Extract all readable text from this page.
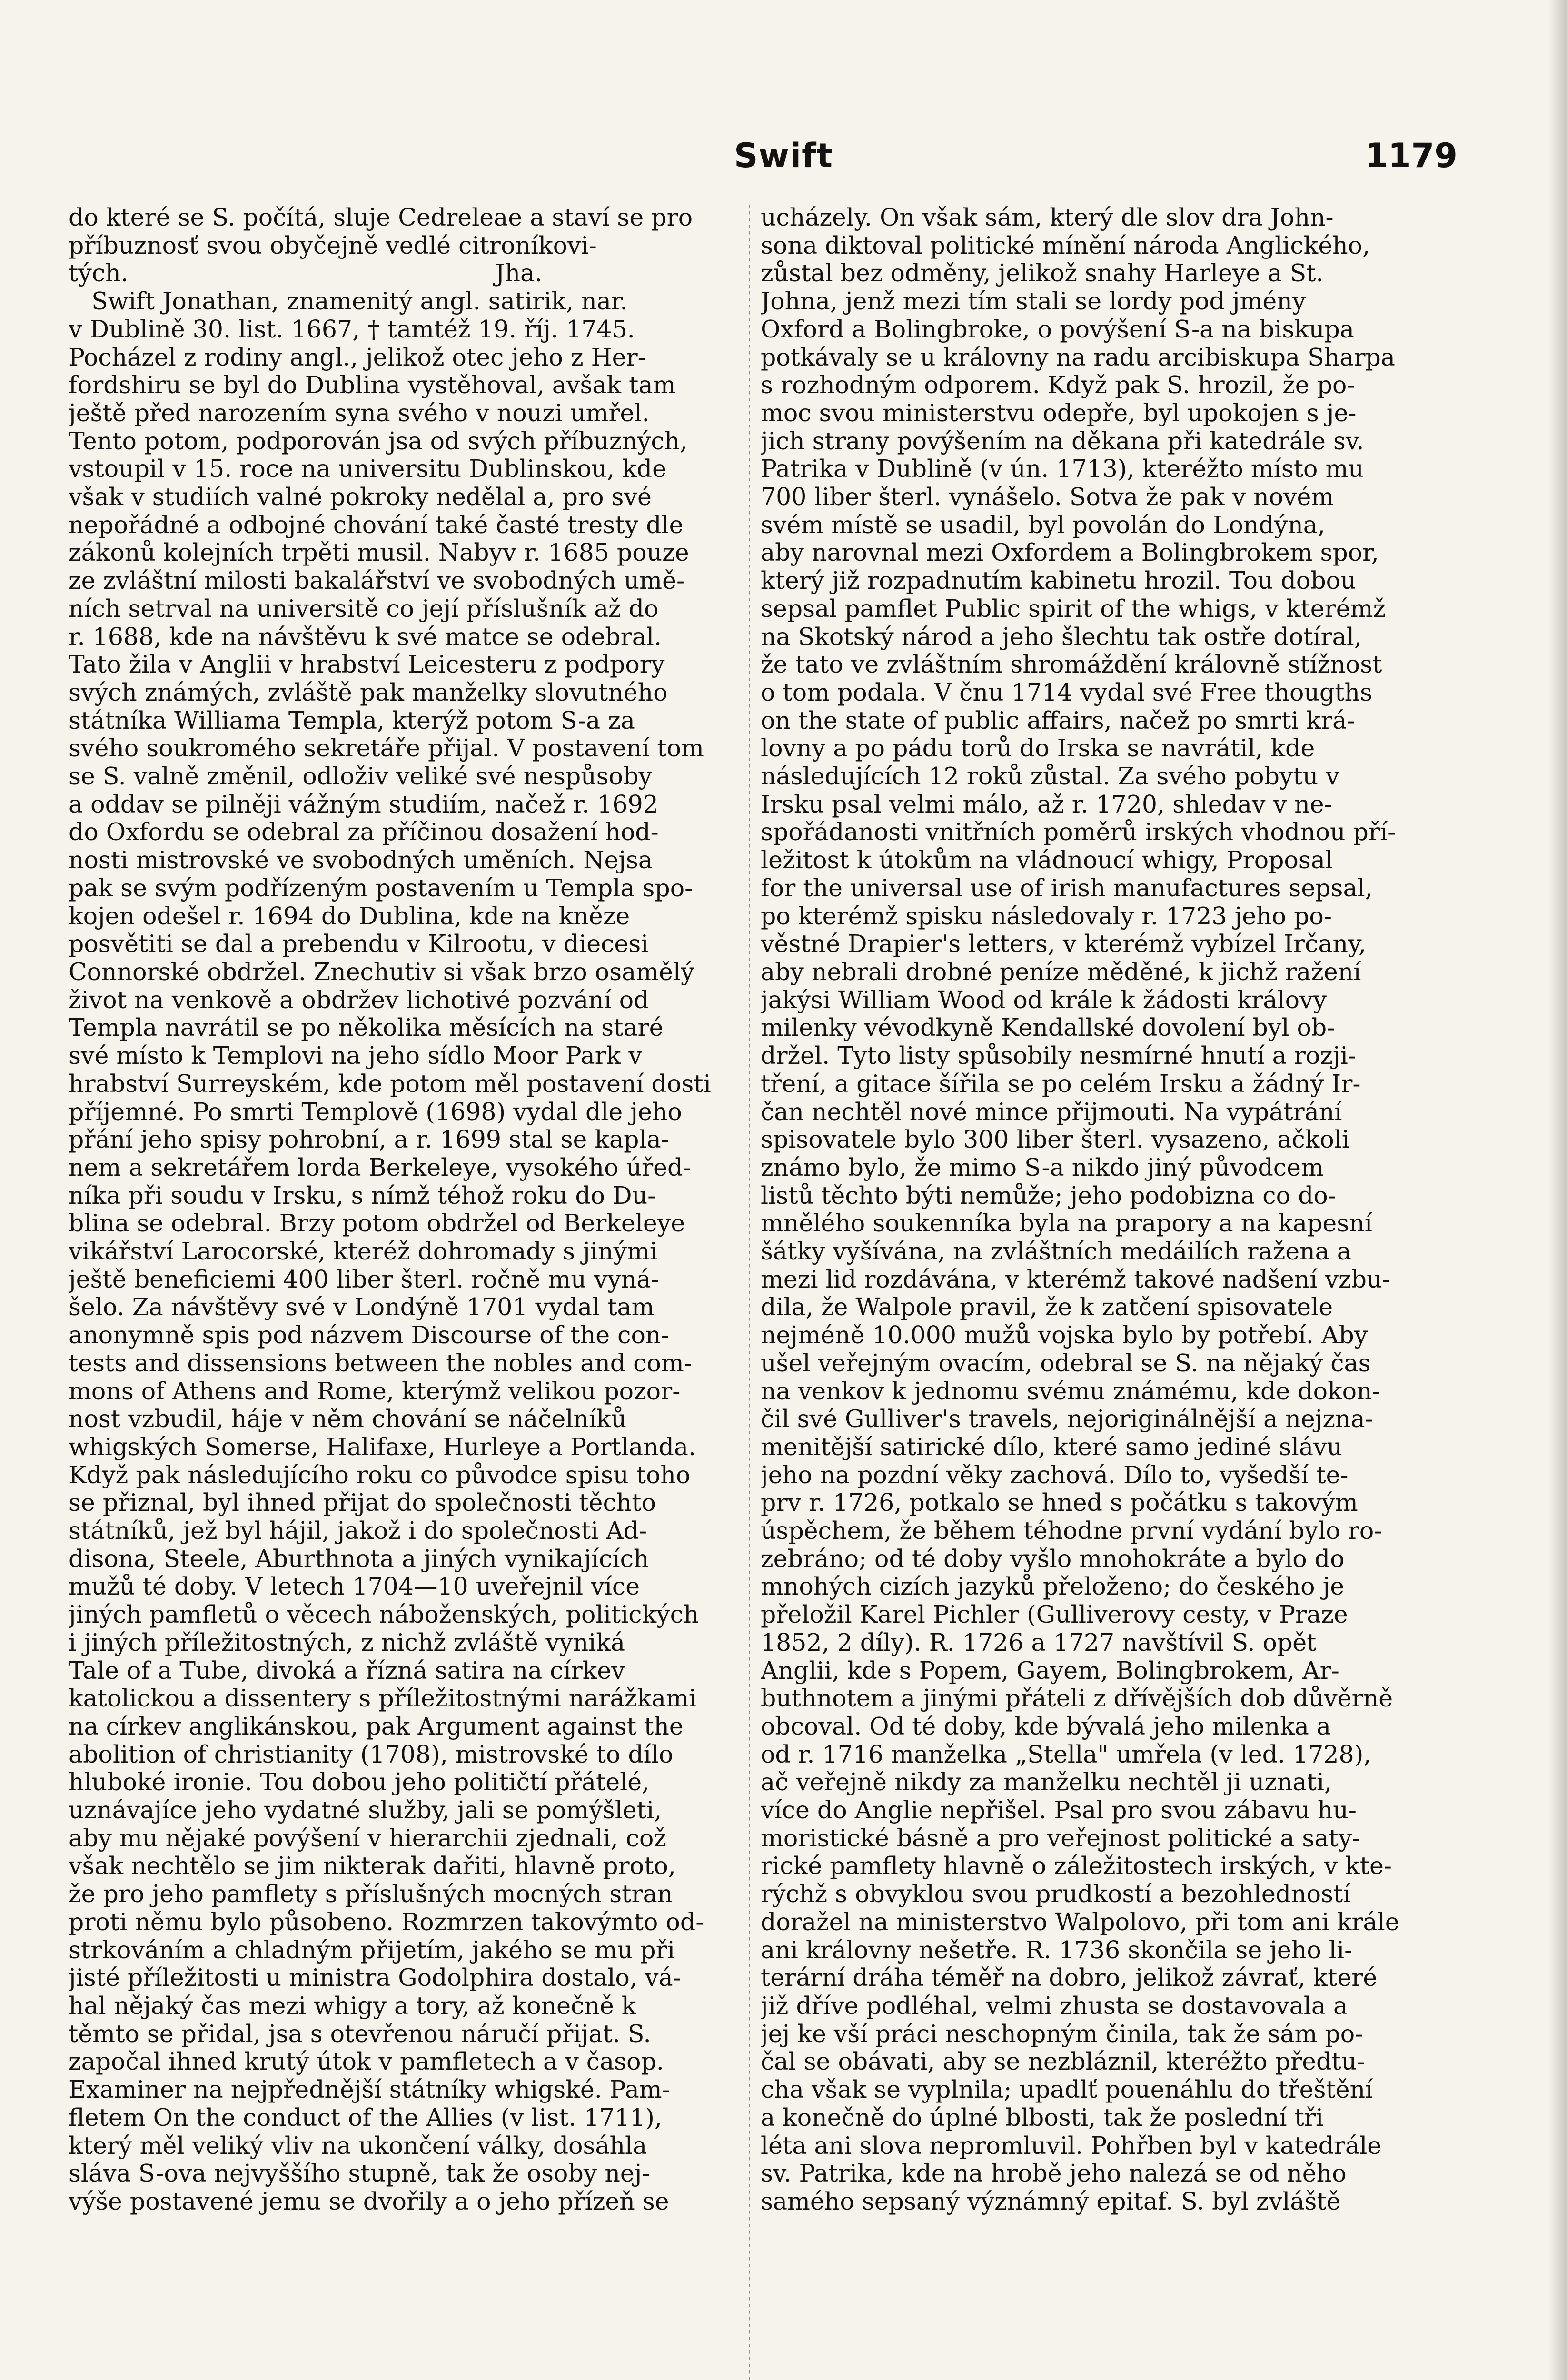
Swift	1179
do které se S. počítá, sluje Cedreleae a staví se pro
příbuznosť svou obyčejně vedlé citroníkovi-
tých.                                                Jha.
Swift Jonathan, znamenitý angl. satirik, nar.
v Dublině 30. list. 1667, † tamtéž 19. říj. 1745.
Pocházel z rodiny angl., jelikož otec jeho z Her-
fordshiru se byl do Dublina vystěhoval, avšak tam
ještě před narozením syna svého v nouzi umřel.
Tento potom, podporován jsa od svých příbuzných,
vstoupil v 15. roce na universitu Dublinskou, kde
však v studiích valné pokroky nedělal a, pro své
nepořádné a odbojné chování také časté tresty dle
zákonů kolejních trpěti musil. Nabyv r. 1685 pouze
ze zvláštní milosti bakalářství ve svobodných umě-
ních setrval na universitě co její příslušník až do
r. 1688, kde na návštěvu k své matce se odebral.
Tato žila v Anglii v hrabství Leicesteru z podpory
svých známých, zvláště pak manželky slovutného
státníka Williama Templa, kterýž potom S-a za
svého soukromého sekretáře přijal. V postavení tom
se S. valně změnil, odloživ veliké své nespůsoby
a oddav se pilněji vážným studiím, načež r. 1692
do Oxfordu se odebral za příčinou dosažení hod-
nosti mistrovské ve svobodných uměních. Nejsa
pak se svým podřízeným postavením u Templa spo-
kojen odešel r. 1694 do Dublina, kde na kněze
posvětiti se dal a prebendu v Kilrootu, v diecesi
Connorské obdržel. Znechutiv si však brzo osamělý
život na venkově a obdržev lichotivé pozvání od
Templa navrátil se po několika měsících na staré
své místo k Templovi na jeho sídlo Moor Park v
hrabství Surreyském, kde potom měl postavení dosti
příjemné. Po smrti Templově (1698) vydal dle jeho
přání jeho spisy pohrobní, a r. 1699 stal se kapla-
nem a sekretářem lorda Berkeleye, vysokého úřed-
níka při soudu v Irsku, s nímž téhož roku do Du-
blina se odebral. Brzy potom obdržel od Berkeleye
vikářství Larocorské, kteréž dohromady s jinými
ještě beneficiemi 400 liber šterl. ročně mu vyná-
šelo. Za návštěvy své v Londýně 1701 vydal tam
anonymně spis pod názvem Discourse of the con-
tests and dissensions between the nobles and com-
mons of Athens and Rome, kterýmž velikou pozor-
nost vzbudil, háje v něm chování se náčelníků
whigských Somerse, Halifaxe, Hurleye a Portlanda.
Když pak následujícího roku co původce spisu toho
se přiznal, byl ihned přijat do společnosti těchto
státníků, jež byl hájil, jakož i do společnosti Ad-
disona, Steele, Aburthnota a jiných vynikajících
mužů té doby. V letech 1704—10 uveřejnil více
jiných pamfletů o věcech náboženských, politických
i jiných příležitostných, z nichž zvláště vyniká
Tale of a Tube, divoká a řízná satira na církev
katolickou a dissentery s příležitostnými narážkami
na církev anglikánskou, pak Argument against the
abolition of christianity (1708), mistrovské to dílo
hluboké ironie. Tou dobou jeho političtí přátelé,
uznávajíce jeho vydatné služby, jali se pomýšleti,
aby mu nějaké povýšení v hierarchii zjednali, což
však nechtělo se jim nikterak dařiti, hlavně proto,
že pro jeho pamflety s příslušných mocných stran
proti němu bylo působeno. Rozmrzen takovýmto od-
strkováním a chladným přijetím, jakého se mu při
jisté příležitosti u ministra Godolphira dostalo, vá-
hal nějaký čas mezi whigy a tory, až konečně k
těmto se přidal, jsa s otevřenou náručí přijat. S.
započal ihned krutý útok v pamfletech a v časop.
Examiner na nejpřednější státníky whigské. Pam-
fletem On the conduct of the Allies (v list. 1711),
který měl veliký vliv na ukončení války, dosáhla
sláva S-ova nejvyššího stupně, tak že osoby nej-
výše postavené jemu se dvořily a o jeho přízeň se
ucházely. On však sám, který dle slov dra John-
sona diktoval politické mínění národa Anglického,
zůstal bez odměny, jelikož snahy Harleye a St.
Johna, jenž mezi tím stali se lordy pod jmény
Oxford a Bolingbroke, o povýšení S-a na biskupa
potkávaly se u královny na radu arcibiskupa Sharpa
s rozhodným odporem. Když pak S. hrozil, že po-
moc svou ministerstvu odepře, byl upokojen s je-
jich strany povýšením na děkana při katedrále sv.
Patrika v Dublině (v ún. 1713), kteréžto místo mu
700 liber šterl. vynášelo. Sotva že pak v novém
svém místě se usadil, byl povolán do Londýna,
aby narovnal mezi Oxfordem a Bolingbrokem spor,
který již rozpadnutím kabinetu hrozil. Tou dobou
sepsal pamflet Public spirit of the whigs, v kterémž
na Skotský národ a jeho šlechtu tak ostře dotíral,
že tato ve zvláštním shromáždění královně stížnost
o tom podala. V čnu 1714 vydal své Free thougths
on the state of public affairs, načež po smrti krá-
lovny a po pádu torů do Irska se navrátil, kde
následujících 12 roků zůstal. Za svého pobytu v
Irsku psal velmi málo, až r. 1720, shledav v ne-
spořádanosti vnitřních poměrů irských vhodnou pří-
ležitost k útokům na vládnoucí whigy, Proposal
for the universal use of irish manufactures sepsal,
po kterémž spisku následovaly r. 1723 jeho po-
věstné Drapier's letters, v kterémž vybízel Irčany,
aby nebrali drobné peníze měděné, k jichž ražení
jakýsi William Wood od krále k žádosti královy
milenky vévodkyně Kendallské dovolení byl ob-
držel. Tyto listy spůsobily nesmírné hnutí a rozji-
tření, a gitace šířila se po celém Irsku a žádný Ir-
čan nechtěl nové mince přijmouti. Na vypátrání
spisovatele bylo 300 liber šterl. vysazeno, ačkoli
známo bylo, že mimo S-a nikdo jiný původcem
listů těchto býti nemůže; jeho podobizna co do-
mnělého soukenníka byla na prapory a na kapesní
šátky vyšívána, na zvláštních medáilích ražena a
mezi lid rozdávána, v kterémž takové nadšení vzbu-
dila, že Walpole pravil, že k zatčení spisovatele
nejméně 10.000 mužů vojska bylo by potřebí. Aby
ušel veřejným ovacím, odebral se S. na nějaký čas
na venkov k jednomu svému známému, kde dokon-
čil své Gulliver's travels, nejoriginálnější a nejzna-
menitější satirické dílo, které samo jediné slávu
jeho na pozdní věky zachová. Dílo to, vyšedší te-
prv r. 1726, potkalo se hned s počátku s takovým
úspěchem, že během téhodne první vydání bylo ro-
zebráno; od té doby vyšlo mnohokráte a bylo do
mnohých cizích jazyků přeloženo; do českého je
přeložil Karel Pichler (Gulliverovy cesty, v Praze
1852, 2 díly). R. 1726 a 1727 navštívil S. opět
Anglii, kde s Popem, Gayem, Bolingbrokem, Ar-
buthnotem a jinými přáteli z dřívějších dob důvěrně
obcoval. Od té doby, kde bývalá jeho milenka a
od r. 1716 manželka „Stella" umřela (v led. 1728),
ač veřejně nikdy za manželku nechtěl ji uznati,
více do Anglie nepřišel. Psal pro svou zábavu hu-
moristické básně a pro veřejnost politické a saty-
rické pamflety hlavně o záležitostech irských, v kte-
rýchž s obvyklou svou prudkostí a bezohledností
doražel na ministerstvo Walpolovo, při tom ani krále
ani královny nešetře. R. 1736 skončila se jeho li-
terární dráha téměř na dobro, jelikož závrať, které
již dříve podléhal, velmi zhusta se dostavovala a
jej ke vší práci neschopným činila, tak že sám po-
čal se obávati, aby se nezbláznil, kteréžto předtu-
cha však se vyplnila; upadlť pouenáhlu do třeštění
a konečně do úplné blbosti, tak že poslední tři
léta ani slova nepromluvil. Pohřben byl v katedrále
sv. Patrika, kde na hrobě jeho nalezá se od něho
samého sepsaný význámný epitaf. S. byl zvláště
